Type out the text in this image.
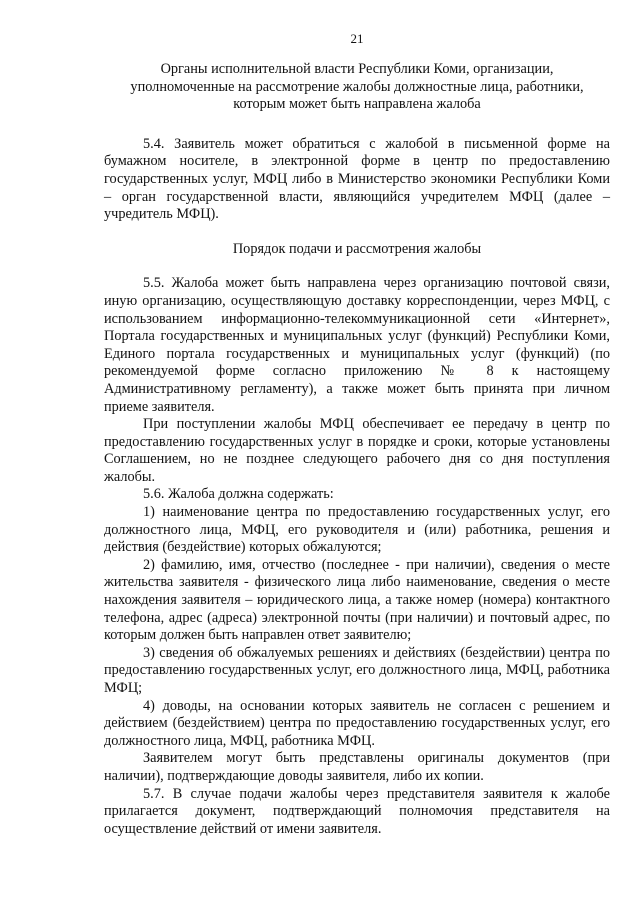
21
Органы исполнительной власти Республики Коми, организации,
уполномоченные на рассмотрение жалобы должностные лица, работники,
которым может быть направлена жалоба

5.4. Заявитель может обратиться с жалобой в письменной форме на бумажном носителе, в электронной форме в центр по предоставлению государственных услуг, МФЦ либо в Министерство экономики Республики Коми – орган государственной власти, являющийся учредителем МФЦ (далее – учредитель МФЦ).

Порядок подачи и рассмотрения жалобы

5.5. Жалоба может быть направлена через организацию почтовой связи, иную организацию, осуществляющую доставку корреспонденции, через МФЦ, с использованием информационно-телекоммуникационной сети «Интернет», Портала государственных и муниципальных услуг (функций) Республики Коми, Единого портала государственных и муниципальных услуг (функций) (по рекомендуемой форме согласно приложению № 8 к настоящему Административному регламенту), а также может быть принята при личном приеме заявителя.

При поступлении жалобы МФЦ обеспечивает ее передачу в центр по предоставлению государственных услуг в порядке и сроки, которые установлены Соглашением, но не позднее следующего рабочего дня со дня поступления жалобы.

5.6. Жалоба должна содержать:

1) наименование центра по предоставлению государственных услуг, его должностного лица, МФЦ, его руководителя и (или) работника, решения и действия (бездействие) которых обжалуются;

2) фамилию, имя, отчество (последнее - при наличии), сведения о месте жительства заявителя - физического лица либо наименование, сведения о месте нахождения заявителя – юридического лица, а также номер (номера) контактного телефона, адрес (адреса) электронной почты (при наличии) и почтовый адрес, по которым должен быть направлен ответ заявителю;

3) сведения об обжалуемых решениях и действиях (бездействии) центра по предоставлению государственных услуг, его должностного лица, МФЦ, работника МФЦ;

4) доводы, на основании которых заявитель не согласен с решением и действием (бездействием) центра по предоставлению государственных услуг, его должностного лица, МФЦ, работника МФЦ.

Заявителем могут быть представлены оригиналы документов (при наличии), подтверждающие доводы заявителя, либо их копии.

5.7. В случае подачи жалобы через представителя заявителя к жалобе прилагается документ, подтверждающий полномочия представителя на осуществление действий от имени заявителя.
